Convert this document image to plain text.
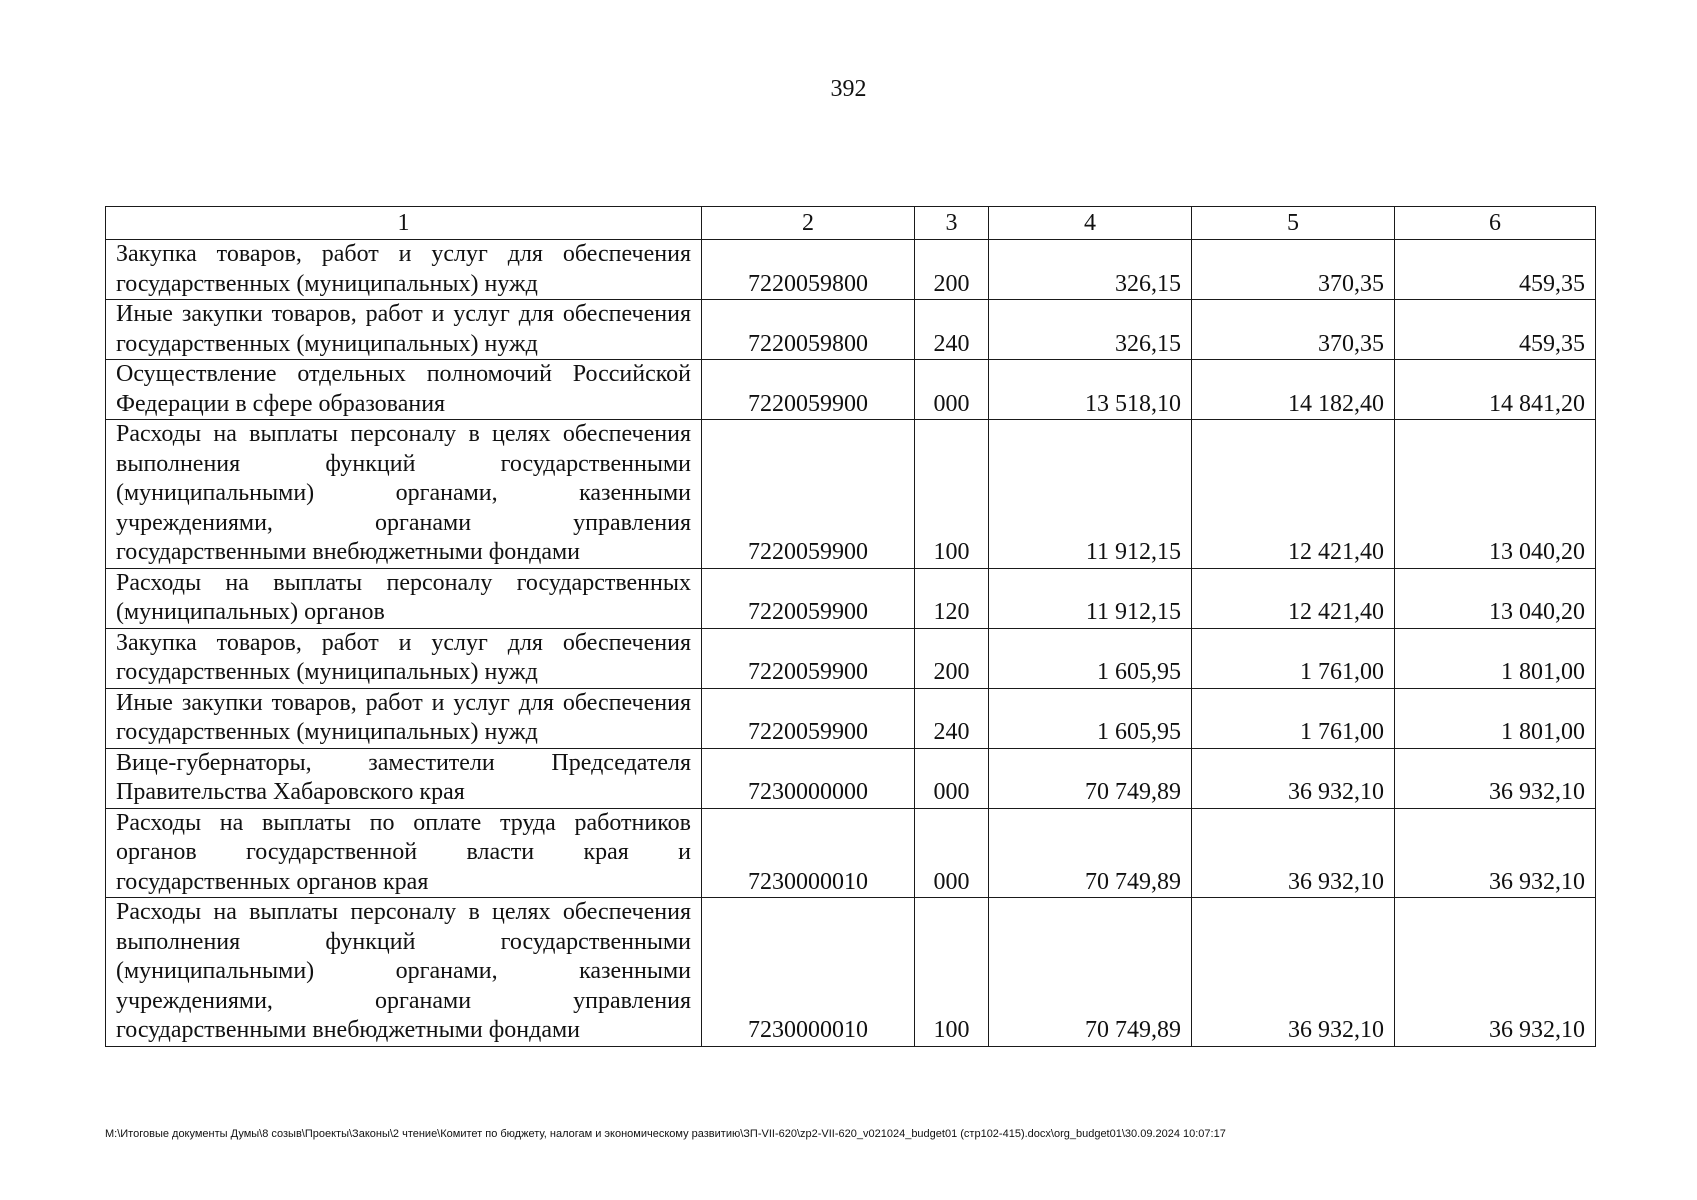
392
1	2	3	4	5	6
Закупка товаров, работ и услуг для обеспечения государственных (муниципальных) нужд	7220059800	200	326,15	370,35	459,35
Иные закупки товаров, работ и услуг для обеспечения государственных (муниципальных) нужд	7220059800	240	326,15	370,35	459,35
Осуществление отдельных полномочий Российской Федерации в сфере образования	7220059900	000	13 518,10	14 182,40	14 841,20
Расходы на выплаты персоналу в целях обеспечения выполнения функций государственными (муниципальными) органами, казенными учреждениями, органами управления государственными внебюджетными фондами	7220059900	100	11 912,15	12 421,40	13 040,20
Расходы на выплаты персоналу государственных (муниципальных) органов	7220059900	120	11 912,15	12 421,40	13 040,20
Закупка товаров, работ и услуг для обеспечения государственных (муниципальных) нужд	7220059900	200	1 605,95	1 761,00	1 801,00
Иные закупки товаров, работ и услуг для обеспечения государственных (муниципальных) нужд	7220059900	240	1 605,95	1 761,00	1 801,00
Вице-губернаторы, заместители Председателя Правительства Хабаровского края	7230000000	000	70 749,89	36 932,10	36 932,10
Расходы на выплаты по оплате труда работников органов государственной власти края и государственных органов края	7230000010	000	70 749,89	36 932,10	36 932,10
Расходы на выплаты персоналу в целях обеспечения выполнения функций государственными (муниципальными) органами, казенными учреждениями, органами управления государственными внебюджетными фондами	7230000010	100	70 749,89	36 932,10	36 932,10
M:\Итоговые документы Думы\8 созыв\Проекты\Законы\2 чтение\Комитет по бюджету, налогам и экономическому развитию\ЗП-VII-620\zp2-VII-620_v021024_budget01 (стр102-415).docx\org_budget01\30.09.2024 10:07:17
